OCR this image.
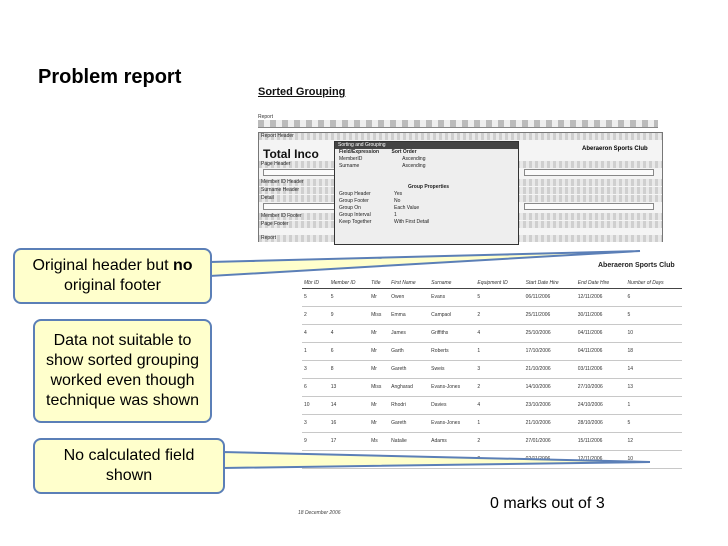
Problem report
Sorted Grouping
Report
Report Header
Total Inco	Aberaeron Sports Club
Page Header
Member ID Header
Surname Header
Detail
Member ID Footer
Page Footer
Report
Sorting and Grouping
Field/Expression	Sort Order
MemberID	Ascending
Surname	Ascending
Group Properties
Group Header	Yes
Group Footer	No
Group On	Each Value
Group Interval	1
Keep Together	With First Detail
Aberaeron Sports Club
Mbr ID	Member ID	Title	First Name	Surname	Equipment ID	Start Date Hire	End Date Hire	Number of Days
5	5	Mr	Owen	Evans	5	06/11/2006	12/11/2006	6
2	9	Miss	Emma	Campaol	2	25/11/2006	30/11/2006	5
4	4	Mr	James	Griffiths	4	25/10/2006	04/11/2006	10
1	6	Mr	Garth	Roberts	1	17/10/2006	04/11/2006	18
3	8	Mr	Gareth	Sweis	3	21/10/2006	03/11/2006	14
6	13	Miss	Angharad	Evans-Jones	2	14/10/2006	27/10/2006	13
10	14	Mr	Rhodri	Davies	4	23/10/2006	24/10/2006	1
3	16	Mr	Gareth	Evans-Jones	1	21/10/2006	28/10/2006	5
9	17	Ms	Natalie	Adams	2	27/01/2006	15/11/2006	12
							12/11/2006	10
18 December 2006
Original header but no
original footer
Data not suitable to show sorted grouping worked even though technique was shown
No calculated field shown
0 marks out of 3
